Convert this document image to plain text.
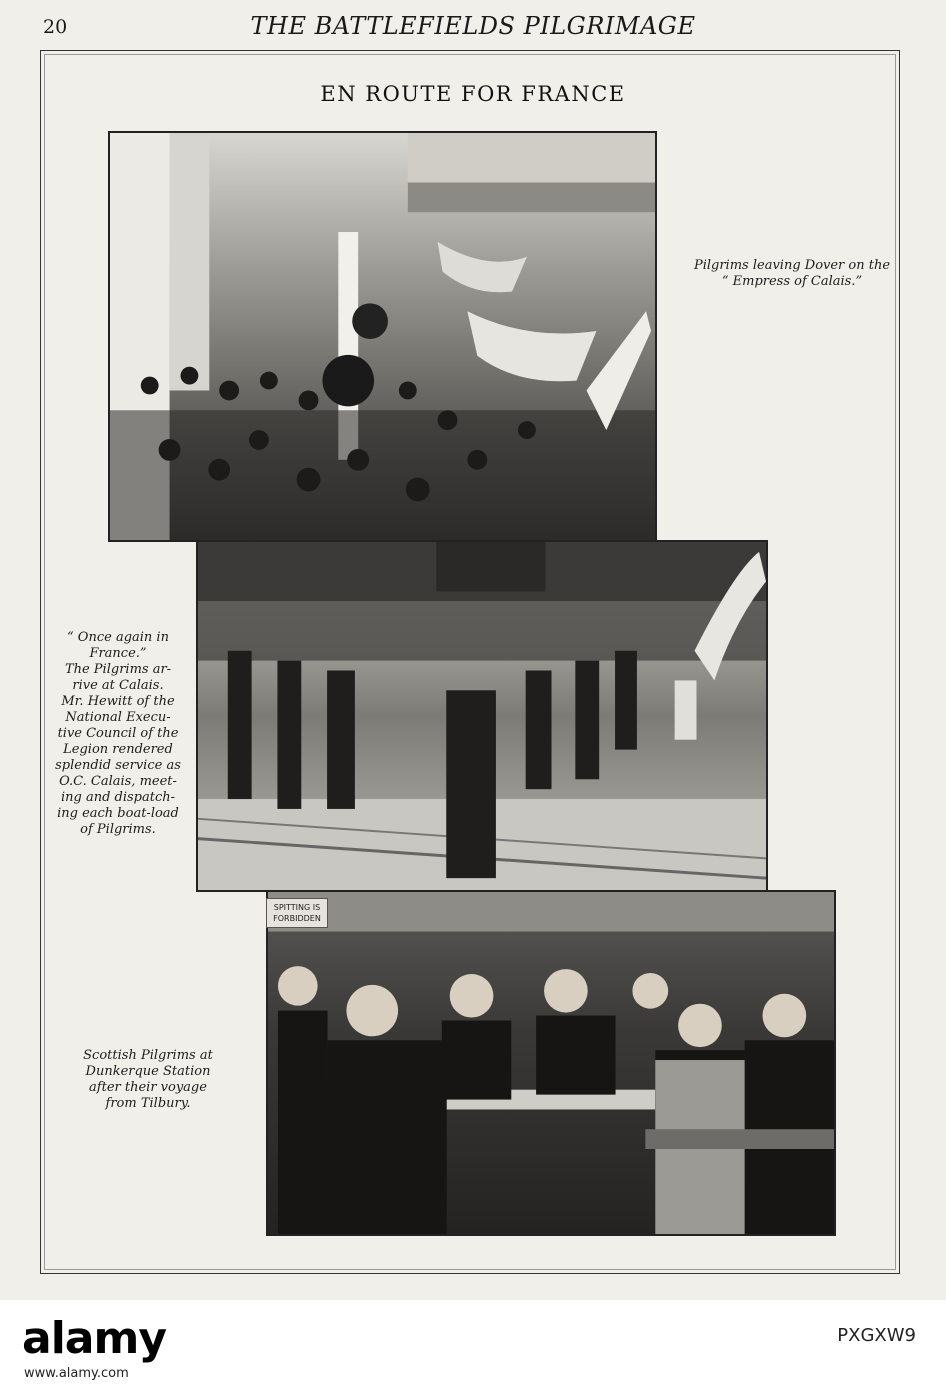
20	THE BATTLEFIELDS PILGRIMAGE
EN ROUTE FOR FRANCE
SPITTING IS
FORBIDDEN
Pilgrims leaving Dover on the
“ Empress of Calais.”
“ Once again in
France.”
The Pilgrims ar-
rive at Calais.
Mr. Hewitt of the
National Execu-
tive Council of the
Legion rendered
splendid service as
O.C. Calais, meet-
ing and dispatch-
ing each boat-load
of Pilgrims.
Scottish Pilgrims at
Dunkerque Station
after their voyage
from Tilbury.
alamy
www.alamy.com
PXGXW9
